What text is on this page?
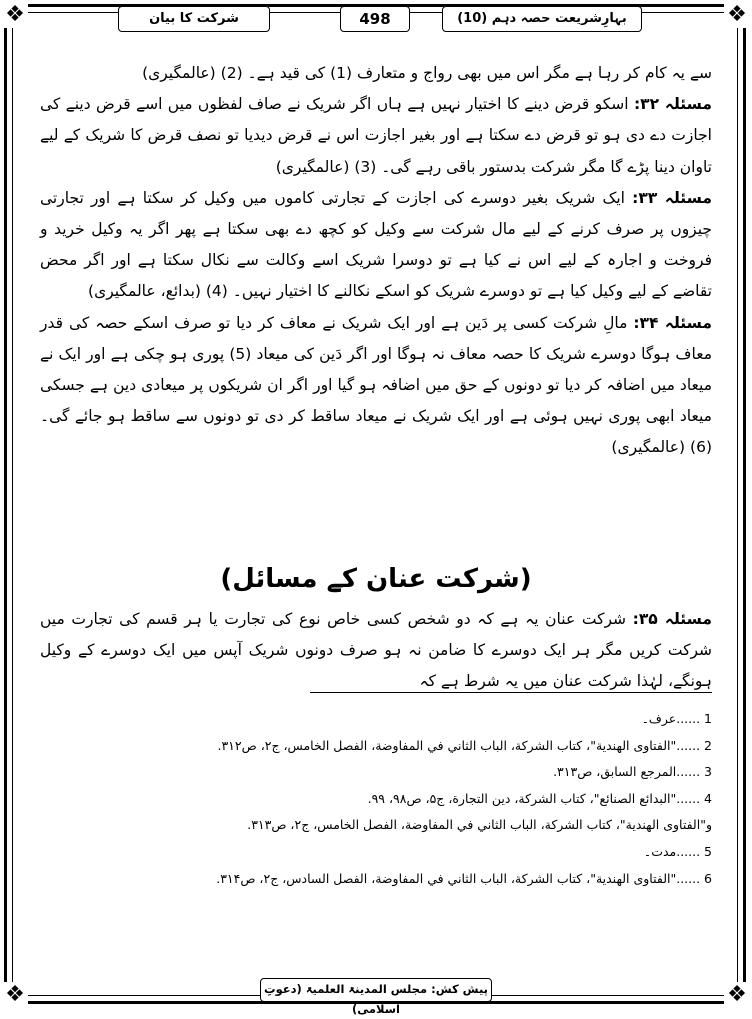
❖	❖
❖	❖
شرکت کا بیان	498	بہارِشریعت حصہ دہم (10)

سے یہ کام کر رہا ہے مگر اس میں بھی رواج و متعارف (1) کی قید ہے۔ (2) (عالمگیری)

مسئلہ ۳۲: اسکو قرض دینے کا اختیار نہیں ہے ہاں اگر شریک نے صاف لفظوں میں اسے قرض دینے کی اجازت دے دی ہو تو قرض دے سکتا ہے اور بغیر اجازت اس نے قرض دیدیا تو نصف قرض کا شریک کے لیے تاوان دینا پڑے گا مگر شرکت بدستور باقی رہے گی۔ (3) (عالمگیری)

مسئلہ ۳۳: ایک شریک بغیر دوسرے کی اجازت کے تجارتی کاموں میں وکیل کر سکتا ہے اور تجارتی چیزوں پر صرف کرنے کے لیے مال شرکت سے وکیل کو کچھ دے بھی سکتا ہے پھر اگر یہ وکیل خرید و فروخت و اجارہ کے لیے اس نے کیا ہے تو دوسرا شریک اسے وکالت سے نکال سکتا ہے اور اگر محض تقاضے کے لیے وکیل کیا ہے تو دوسرے شریک کو اسکے نکالنے کا اختیار نہیں۔ (4) (بدائع، عالمگیری)

مسئلہ ۳۴: مالِ شرکت کسی پر دَین ہے اور ایک شریک نے معاف کر دیا تو صرف اسکے حصہ کی قدر معاف ہوگا دوسرے شریک کا حصہ معاف نہ ہوگا اور اگر دَین کی میعاد (5) پوری ہو چکی ہے اور ایک نے میعاد میں اضافہ کر دیا تو دونوں کے حق میں اضافہ ہو گیا اور اگر ان شریکوں پر میعادی دین ہے جسکی میعاد ابھی پوری نہیں ہوئی ہے اور ایک شریک نے میعاد ساقط کر دی تو دونوں سے ساقط ہو جائے گی۔ (6) (عالمگیری)

(شرکت عنان کے مسائل)
مسئلہ ۳۵: شرکت عنان یہ ہے کہ دو شخص کسی خاص نوع کی تجارت یا ہر قسم کی تجارت میں شرکت کریں مگر ہر ایک دوسرے کا ضامن نہ ہو صرف دونوں شریک آپس میں ایک دوسرے کے وکیل ہونگے، لہٰذا شرکت عنان میں یہ شرط ہے کہ
1 ......عرف۔
2 ......"الفتاوى الهندية"، كتاب الشركة، الباب الثاني في المفاوضة، الفصل الخامس، ج۲، ص۳۱۲.
3 ......المرجع السابق، ص۳۱۳.
4 ......"البدائع الصنائع"، كتاب الشركة، دين التجارة، ج۵، ص۹۸، ۹۹.
و"الفتاوى الهندية"، كتاب الشركة، الباب الثاني في المفاوضة، الفصل الخامس، ج۲، ص۳۱۳.
5 ......مدت۔
6 ......"الفتاوى الهندية"، كتاب الشركة، الباب الثاني في المفاوضة، الفصل السادس، ج۲، ص۳۱۴.
پیش کش: مجلس المدینۃ العلمیۃ (دعوتِ اسلامی)
